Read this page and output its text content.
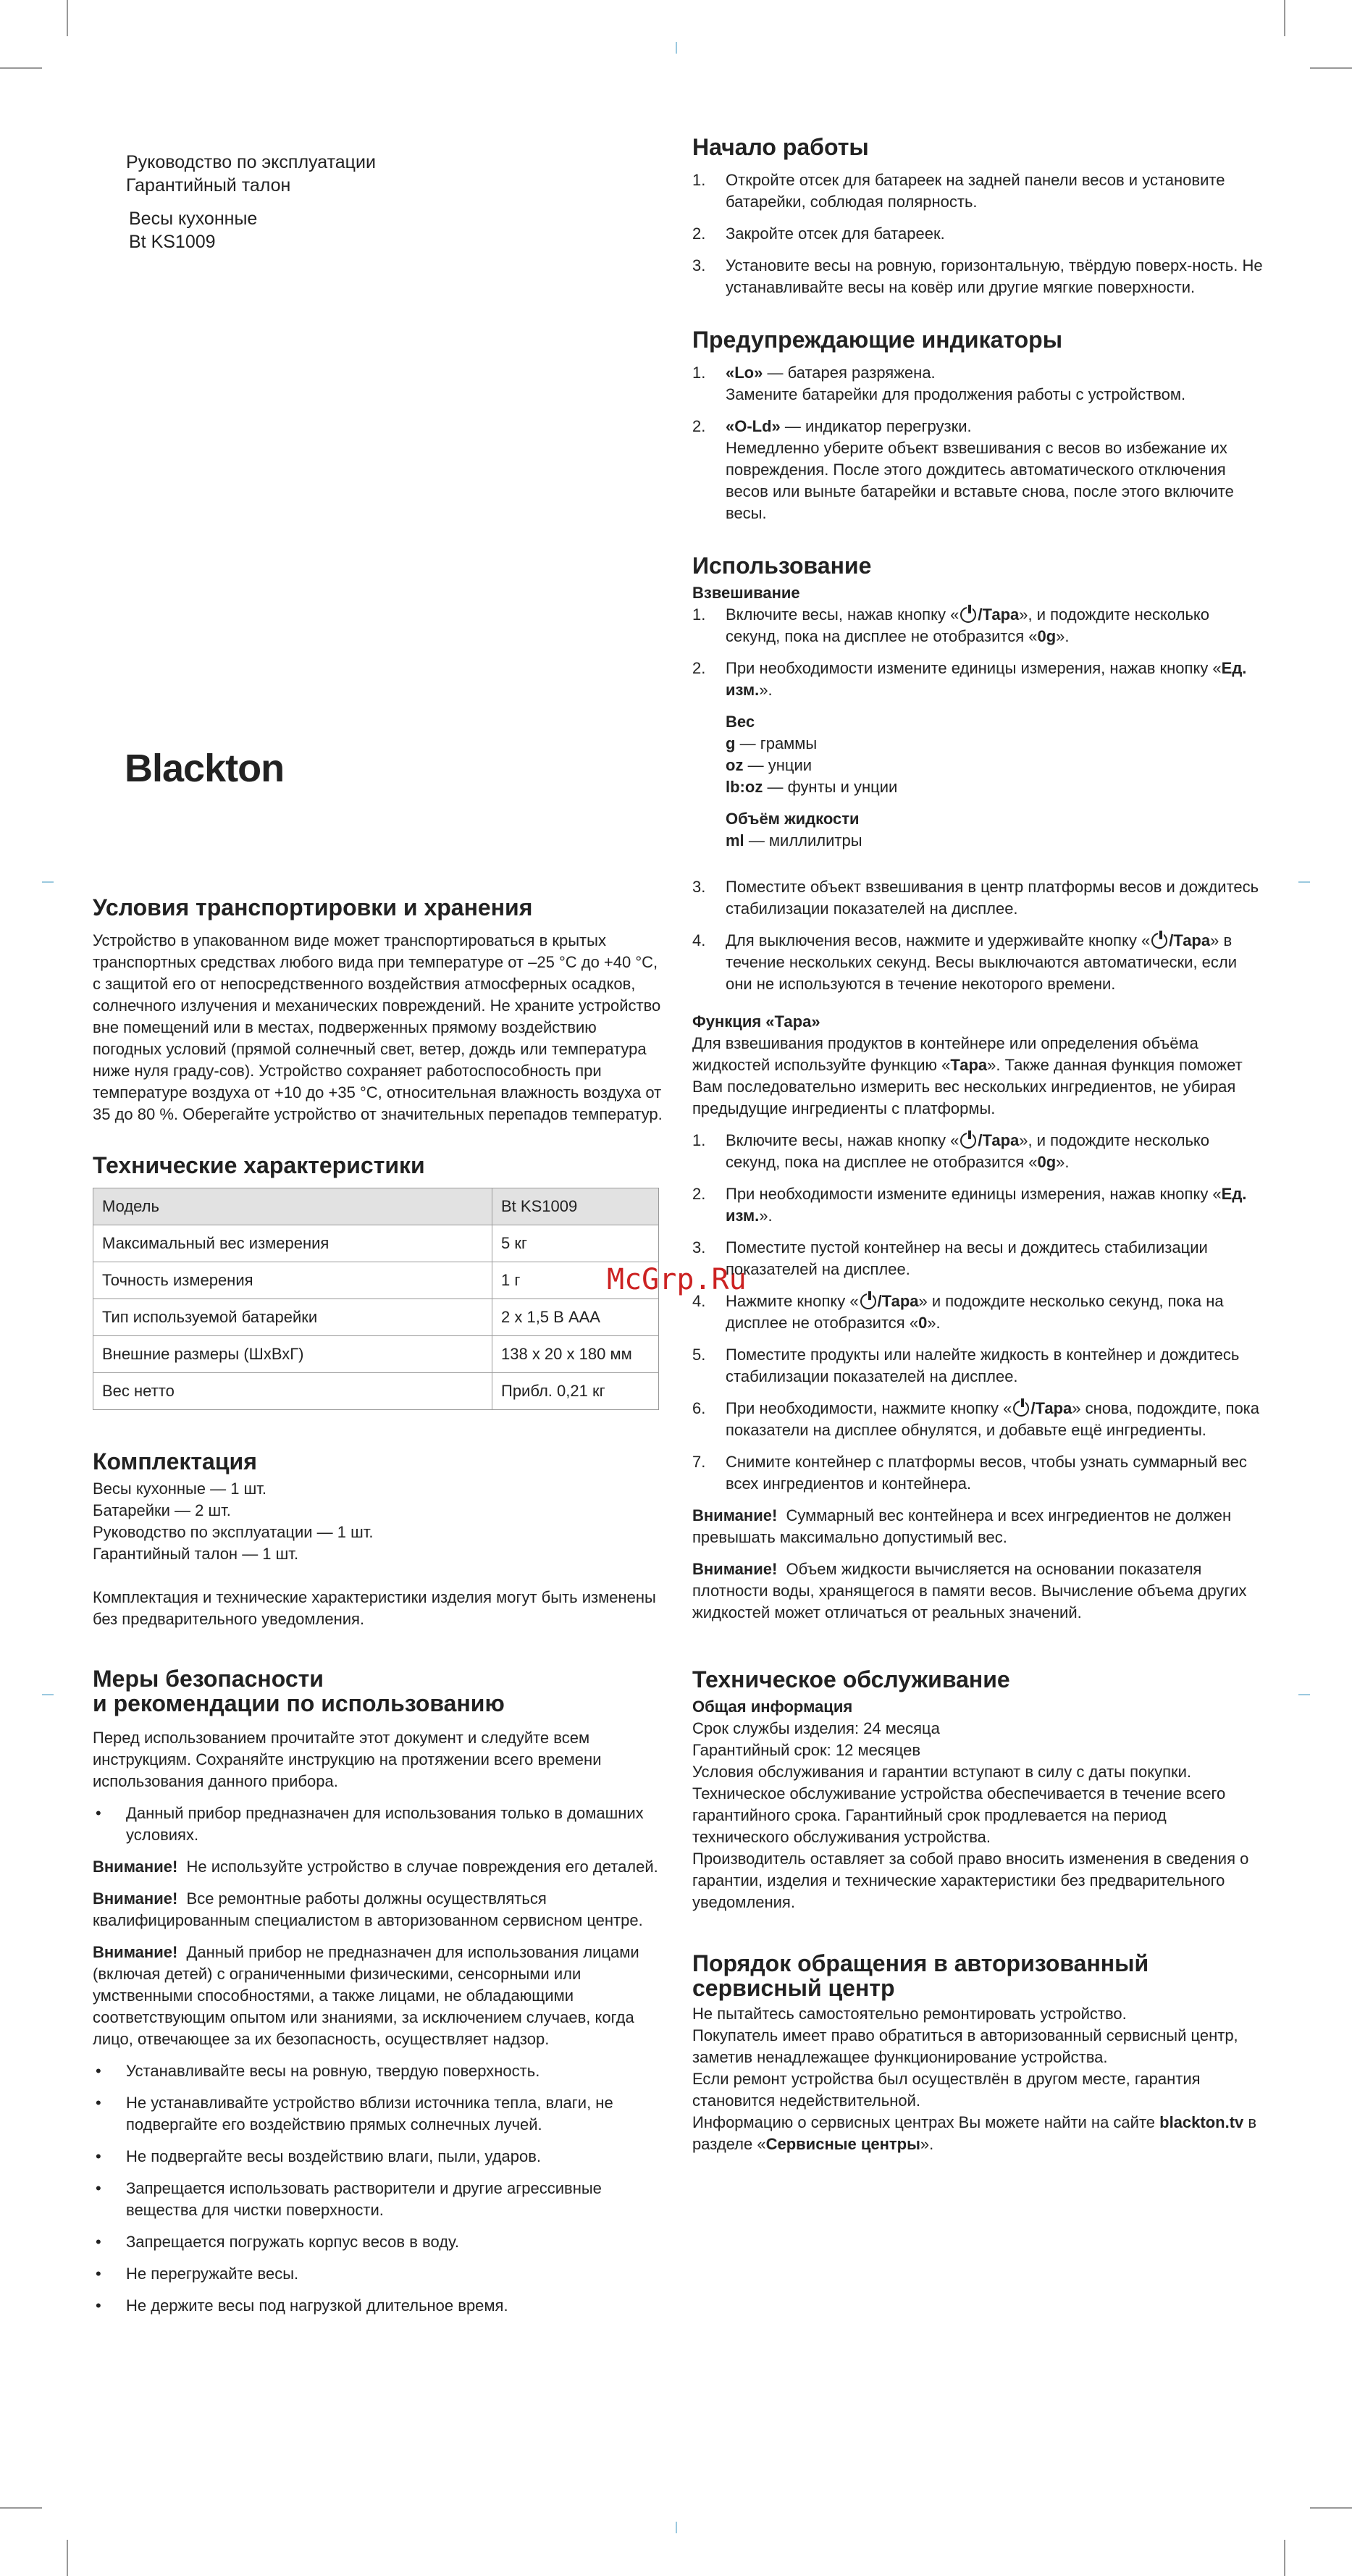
Руководство по эксплуатации
Гарантийный талон
Весы кухонные
Bt KS1009
Blackton
McGrp.Ru
Условия транспортировки и хранения

Устройство в упакованном виде может транспортироваться в крытых транспортных средствах любого вида при температуре от –25 °С до +40 °С, с защитой его от непосредственного воздействия атмосферных осадков, солнечного излучения и механических повреждений. Не храните устройство вне помещений или в местах, подверженных прямому воздействию погодных условий (прямой солнечный свет, ветер, дождь или температура ниже нуля граду-сов). Устройство сохраняет работоспособность при температуре воздуха от +10 до +35 °С, относительная влажность воздуха от 35 до 80 %. Оберегайте устройство от значительных перепадов температур.

Технические характеристики
Модель	Bt KS1009
Максимальный вес измерения	5 кг
Точность измерения	1 г
Тип используемой батарейки	2 x 1,5 В ААА
Внешние размеры (ШхВхГ)	138 x 20 x 180 мм
Вес нетто	Прибл. 0,21 кг
Комплектация
Весы кухонные — 1 шт.
Батарейки — 2 шт.
Руководство по эксплуатации — 1 шт.
Гарантийный талон — 1 шт.

Комплектация и технические характеристики изделия могут быть изменены без предварительного уведомления.

Меры безопасности
и рекомендации по использованию

Перед использованием прочитайте этот документ и следуйте всем инструкциям. Сохраняйте инструкцию на протяжении всего времени использования данного прибора.

• Данный прибор предназначен для использования только в домашних условиях.

Внимание! Не используйте устройство в случае повреждения его деталей.

Внимание! Все ремонтные работы должны осуществляться квалифицированным специалистом в авторизованном сервисном центре.

Внимание! Данный прибор не предназначен для использования лицами (включая детей) с ограниченными физическими, сенсорными или умственными способностями, а также лицами, не обладающими соответствующим опытом или знаниями, за исключением случаев, когда лицо, отвечающее за их безопасность, осуществляет надзор.

• Устанавливайте весы на ровную, твердую поверхность.
• Не устанавливайте устройство вблизи источника тепла, влаги, не подвергайте его воздействию прямых солнечных лучей.
• Не подвергайте весы воздействию влаги, пыли, ударов.
• Запрещается использовать растворители и другие агрессивные вещества для чистки поверхности.
• Запрещается погружать корпус весов в воду.
• Не перегружайте весы.
• Не держите весы под нагрузкой длительное время.
Начало работы
1. Откройте отсек для батареек на задней панели весов и установите батарейки, соблюдая полярность.
2. Закройте отсек для батареек.
3. Установите весы на ровную, горизонтальную, твёрдую поверх-ность. Не устанавливайте весы на ковёр или другие мягкие поверхности.
Предупреждающие индикаторы
1. «Lo» — батарея разряжена.
Замените батарейки для продолжения работы с устройством.
2. «O-Ld» — индикатор перегрузки.
Немедленно уберите объект взвешивания с весов во избежание их повреждения. После этого дождитесь автоматического отключения весов или выньте батарейки и вставьте снова, после этого включите весы.
Использование
Взвешивание
1. Включите весы, нажав кнопку « /Тара», и подождите несколько секунд, пока на дисплее не отобразится «0g».
2. При необходимости измените единицы измерения, нажав кнопку «Ед. изм.».
Вес
g — граммы
oz — унции
lb:oz — фунты и унции
Объём жидкости
ml — миллилитры
3. Поместите объект взвешивания в центр платформы весов и дождитесь стабилизации показателей на дисплее.
4. Для выключения весов, нажмите и удерживайте кнопку « /Тара» в течение нескольких секунд. Весы выключаются автоматически, если они не используются в течение некоторого времени.
Функция «Тара»

Для взвешивания продуктов в контейнере или определения объёма жидкостей используйте функцию «Тара». Также данная функция поможет Вам последовательно измерить вес нескольких ингредиентов, не убирая предыдущие ингредиенты с платформы.

1. Включите весы, нажав кнопку « /Тара», и подождите несколько секунд, пока на дисплее не отобразится «0g».
2. При необходимости измените единицы измерения, нажав кнопку «Ед. изм.».
3. Поместите пустой контейнер на весы и дождитесь стабилизации показателей на дисплее.
4. Нажмите кнопку « /Тара» и подождите несколько секунд, пока на дисплее не отобразится «0».
5. Поместите продукты или налейте жидкость в контейнер и дождитесь стабилизации показателей на дисплее.
6. При необходимости, нажмите кнопку « /Тара» снова, подождите, пока показатели на дисплее обнулятся, и добавьте ещё ингредиенты.
7. Снимите контейнер с платформы весов, чтобы узнать суммарный вес всех ингредиентов и контейнера.

Внимание! Суммарный вес контейнера и всех ингредиентов не должен превышать максимально допустимый вес.

Внимание! Объем жидкости вычисляется на основании показателя плотности воды, хранящегося в памяти весов. Вычисление объема других жидкостей может отличаться от реальных значений.

Техническое обслуживание
Общая информация

Срок службы изделия: 24 месяца

Гарантийный срок: 12 месяцев

Условия обслуживания и гарантии вступают в силу с даты покупки. Техническое обслуживание устройства обеспечивается в течение всего гарантийного срока. Гарантийный срок продлевается на период технического обслуживания устройства.

Производитель оставляет за собой право вносить изменения в сведения о гарантии, изделия и технические характеристики без предварительного уведомления.

Порядок обращения в авторизованный
сервисный центр

Не пытайтесь самостоятельно ремонтировать устройство.

Покупатель имеет право обратиться в авторизованный сервисный центр, заметив ненадлежащее функционирование устройства.

Если ремонт устройства был осуществлён в другом месте, гарантия становится недействительной.

Информацию о сервисных центрах Вы можете найти на сайте blackton.tv в разделе «Сервисные центры».
